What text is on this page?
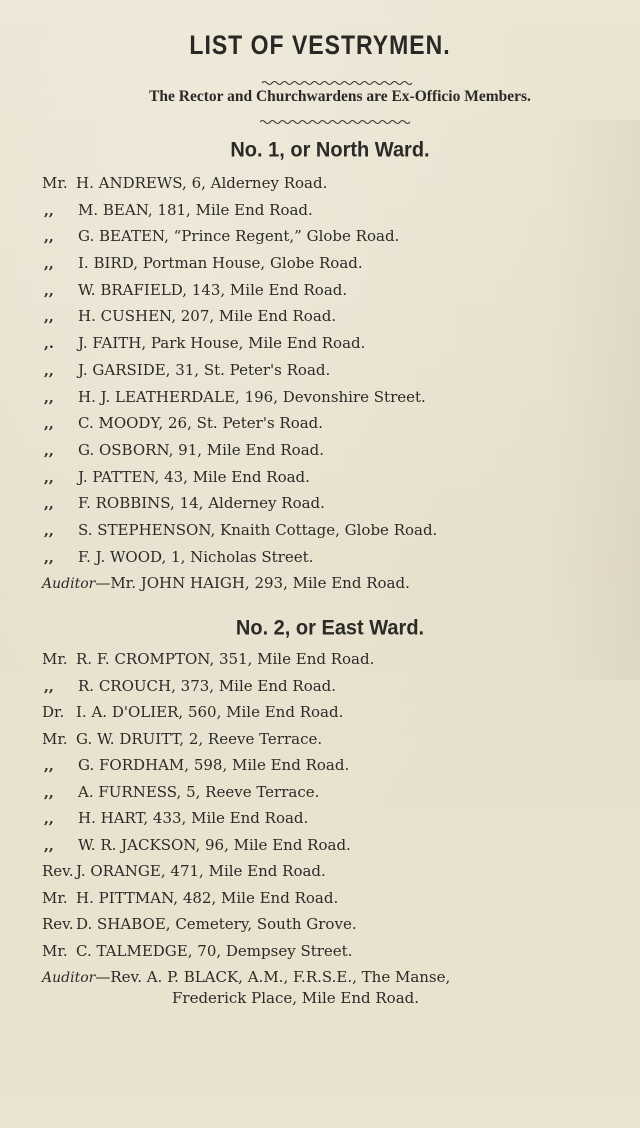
LIST OF VESTRYMEN.
The Rector and Churchwardens are Ex-Officio Members.
No. 1, or North Ward.
Mr. H. ANDREWS, 6, Alderney Road.
,, M. BEAN, 181, Mile End Road.
,, G. BEATEN, “Prince Regent,” Globe Road.
,, I. BIRD, Portman House, Globe Road.
,, W. BRAFIELD, 143, Mile End Road.
,, H. CUSHEN, 207, Mile End Road.
,. J. FAITH, Park House, Mile End Road.
,, J. GARSIDE, 31, St. Peter's Road.
,, H. J. LEATHERDALE, 196, Devonshire Street.
,, C. MOODY, 26, St. Peter's Road.
,, G. OSBORN, 91, Mile End Road.
,, J. PATTEN, 43, Mile End Road.
,, F. ROBBINS, 14, Alderney Road.
,, S. STEPHENSON, Knaith Cottage, Globe Road.
,, F. J. WOOD, 1, Nicholas Street.
Auditor—Mr. JOHN HAIGH, 293, Mile End Road.
No. 2, or East Ward.
Mr. R. F. CROMPTON, 351, Mile End Road.
,, R. CROUCH, 373, Mile End Road.
Dr. I. A. D'OLIER, 560, Mile End Road.
Mr. G. W. DRUITT, 2, Reeve Terrace.
,, G. FORDHAM, 598, Mile End Road.
,, A. FURNESS, 5, Reeve Terrace.
,, H. HART, 433, Mile End Road.
,, W. R. JACKSON, 96, Mile End Road.
Rev. J. ORANGE, 471, Mile End Road.
Mr. H. PITTMAN, 482, Mile End Road.
Rev. D. SHABOE, Cemetery, South Grove.
Mr. C. TALMEDGE, 70, Dempsey Street.
Auditor—Rev. A. P. BLACK, A.M., F.R.S.E., The Manse,
Frederick Place, Mile End Road.
